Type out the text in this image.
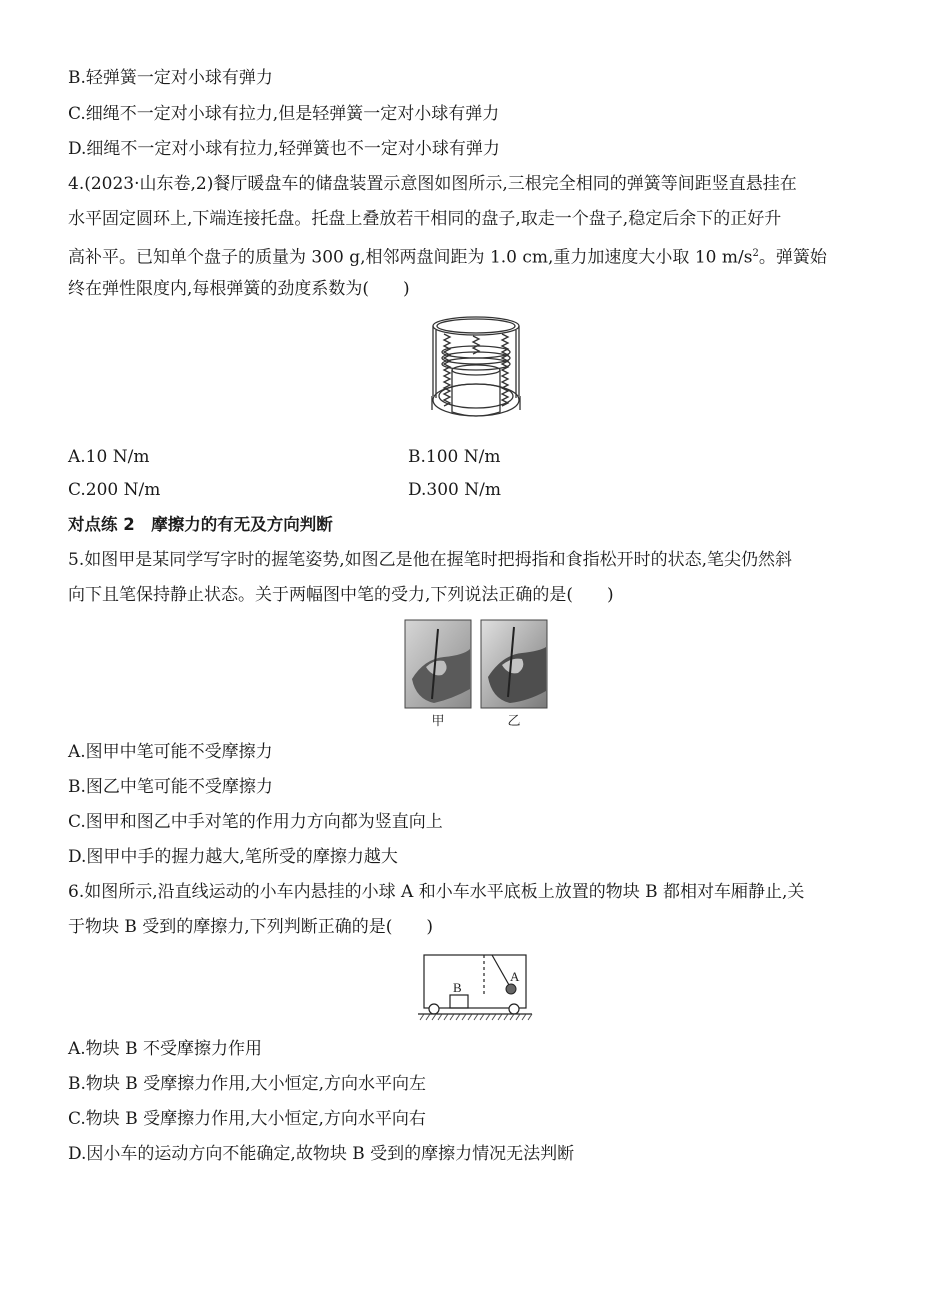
B.轻弹簧一定对小球有弹力
C.细绳不一定对小球有拉力,但是轻弹簧一定对小球有弹力
D.细绳不一定对小球有拉力,轻弹簧也不一定对小球有弹力
4.(2023·山东卷,2)餐厅暖盘车的储盘装置示意图如图所示,三根完全相同的弹簧等间距竖直悬挂在
水平固定圆环上,下端连接托盘。托盘上叠放若干相同的盘子,取走一个盘子,稳定后余下的正好升
高补平。已知单个盘子的质量为 300 g,相邻两盘间距为 1.0 cm,重力加速度大小取 10 $m/s^2$。弹簧始
终在弹性限度内,每根弹簧的劲度系数为(　　)
A.10 N/m	B.100 N/m
C.200 N/m	D.300 N/m
对点练 2　摩擦力的有无及方向判断
5.如图甲是某同学写字时的握笔姿势,如图乙是他在握笔时把拇指和食指松开时的状态,笔尖仍然斜
向下且笔保持静止状态。关于两幅图中笔的受力,下列说法正确的是(　　)
甲	乙
A.图甲中笔可能不受摩擦力
B.图乙中笔可能不受摩擦力
C.图甲和图乙中手对笔的作用力方向都为竖直向上
D.图甲中手的握力越大,笔所受的摩擦力越大
6.如图所示,沿直线运动的小车内悬挂的小球 A 和小车水平底板上放置的物块 B 都相对车厢静止,关
于物块 B 受到的摩擦力,下列判断正确的是(　　)
B
A
A.物块 B 不受摩擦力作用
B.物块 B 受摩擦力作用,大小恒定,方向水平向左
C.物块 B 受摩擦力作用,大小恒定,方向水平向右
D.因小车的运动方向不能确定,故物块 B 受到的摩擦力情况无法判断
